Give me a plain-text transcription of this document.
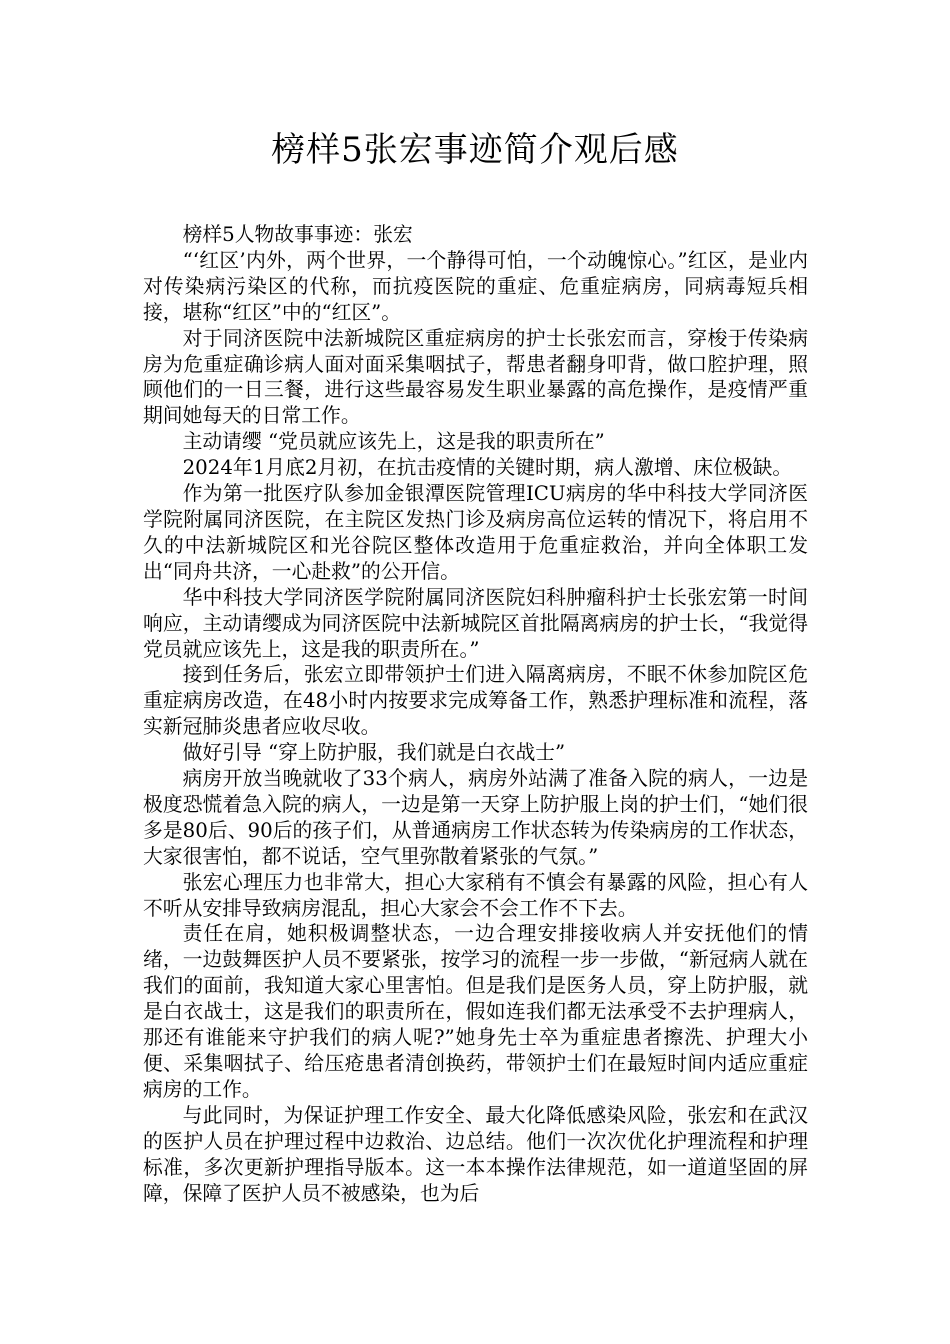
榜样5张宏事迹简介观后感

榜样5人物故事事迹：张宏

“‘红区’内外，两个世界，一个静得可怕，一个动魄惊心。”红区，是业内对传染病污染区的代称，而抗疫医院的重症、危重症病房，同病毒短兵相接，堪称“红区”中的“红区”。

对于同济医院中法新城院区重症病房的护士长张宏而言，穿梭于传染病房为危重症确诊病人面对面采集咽拭子，帮患者翻身叩背，做口腔护理，照顾他们的一日三餐，进行这些最容易发生职业暴露的高危操作，是疫情严重期间她每天的日常工作。

主动请缨 “党员就应该先上，这是我的职责所在”

2024年1月底2月初，在抗击疫情的关键时期，病人激增、床位极缺。

作为第一批医疗队参加金银潭医院管理ICU病房的华中科技大学同济医学院附属同济医院，在主院区发热门诊及病房高位运转的情况下，将启用不久的中法新城院区和光谷院区整体改造用于危重症救治，并向全体职工发出“同舟共济，一心赴救”的公开信。

华中科技大学同济医学院附属同济医院妇科肿瘤科护士长张宏第一时间响应，主动请缨成为同济医院中法新城院区首批隔离病房的护士长，“我觉得党员就应该先上，这是我的职责所在。”

接到任务后，张宏立即带领护士们进入隔离病房，不眠不休参加院区危重症病房改造，在48小时内按要求完成筹备工作，熟悉护理标准和流程，落实新冠肺炎患者应收尽收。

做好引导 “穿上防护服，我们就是白衣战士”

病房开放当晚就收了33个病人，病房外站满了准备入院的病人，一边是极度恐慌着急入院的病人，一边是第一天穿上防护服上岗的护士们，“她们很多是80后、90后的孩子们，从普通病房工作状态转为传染病房的工作状态，大家很害怕，都不说话，空气里弥散着紧张的气氛。”

张宏心理压力也非常大，担心大家稍有不慎会有暴露的风险，担心有人不听从安排导致病房混乱，担心大家会不会工作不下去。

责任在肩，她积极调整状态，一边合理安排接收病人并安抚他们的情绪，一边鼓舞医护人员不要紧张，按学习的流程一步一步做，“新冠病人就在我们的面前，我知道大家心里害怕。但是我们是医务人员，穿上防护服，就是白衣战士，这是我们的职责所在，假如连我们都无法承受不去护理病人，那还有谁能来守护我们的病人呢?”她身先士卒为重症患者擦洗、护理大小便、采集咽拭子、给压疮患者清创换药，带领护士们在最短时间内适应重症病房的工作。

与此同时，为保证护理工作安全、最大化降低感染风险，张宏和在武汉的医护人员在护理过程中边救治、边总结。他们一次次优化护理流程和护理标准，多次更新护理指导版本。这一本本操作法律规范，如一道道坚固的屏障，保障了医护人员不被感染，也为后
